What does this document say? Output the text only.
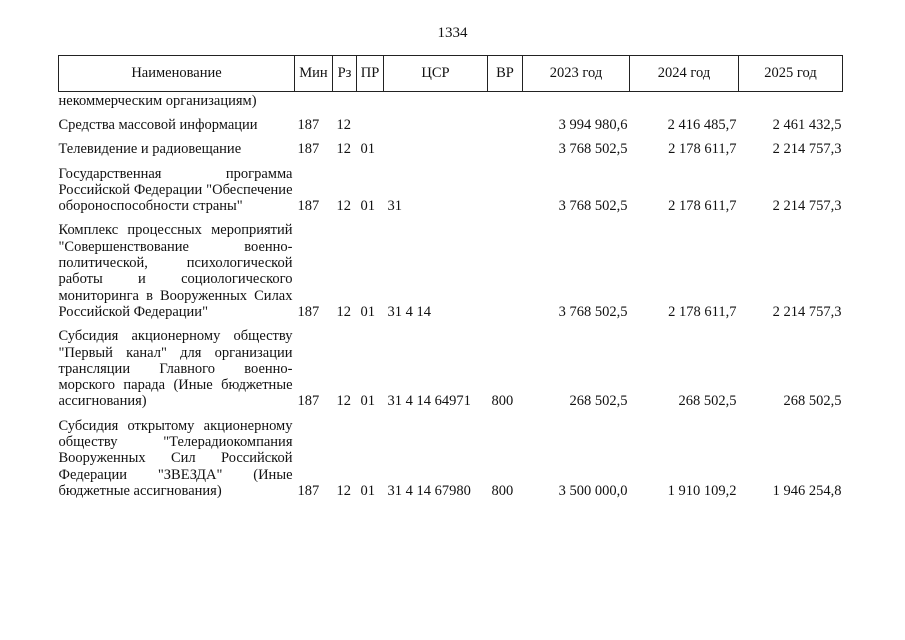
1334
Наименование	Мин	Рз	ПР	ЦСР	ВР	2023 год	2024 год	2025 год
некоммерческим организациям)								

Средства массовой информации	187	12				3 994 980,6	2 416 485,7	2 461 432,5

Телевидение и радиовещание	187	12	01			3 768 502,5	2 178 611,7	2 214 757,3

Государственная программа Российской Федерации "Обеспечение обороноспособности страны"	187	12	01	31		3 768 502,5	2 178 611,7	2 214 757,3

Комплекс процессных мероприятий "Совершенствование военно-политической, психологической работы и социологического мониторинга в Вооруженных Силах Российской Федерации"	187	12	01	31 4 14		3 768 502,5	2 178 611,7	2 214 757,3

Субсидия акционерному обществу "Первый канал" для организации трансляции Главного военно-морского парада (Иные бюджетные ассигнования)	187	12	01	31 4 14 64971	800	268 502,5	268 502,5	268 502,5

Субсидия открытому акционерному обществу "Телерадиокомпания Вооруженных Сил Российской Федерации "ЗВЕЗДА" (Иные бюджетные ассигнования)	187	12	01	31 4 14 67980	800	3 500 000,0	1 910 109,2	1 946 254,8
